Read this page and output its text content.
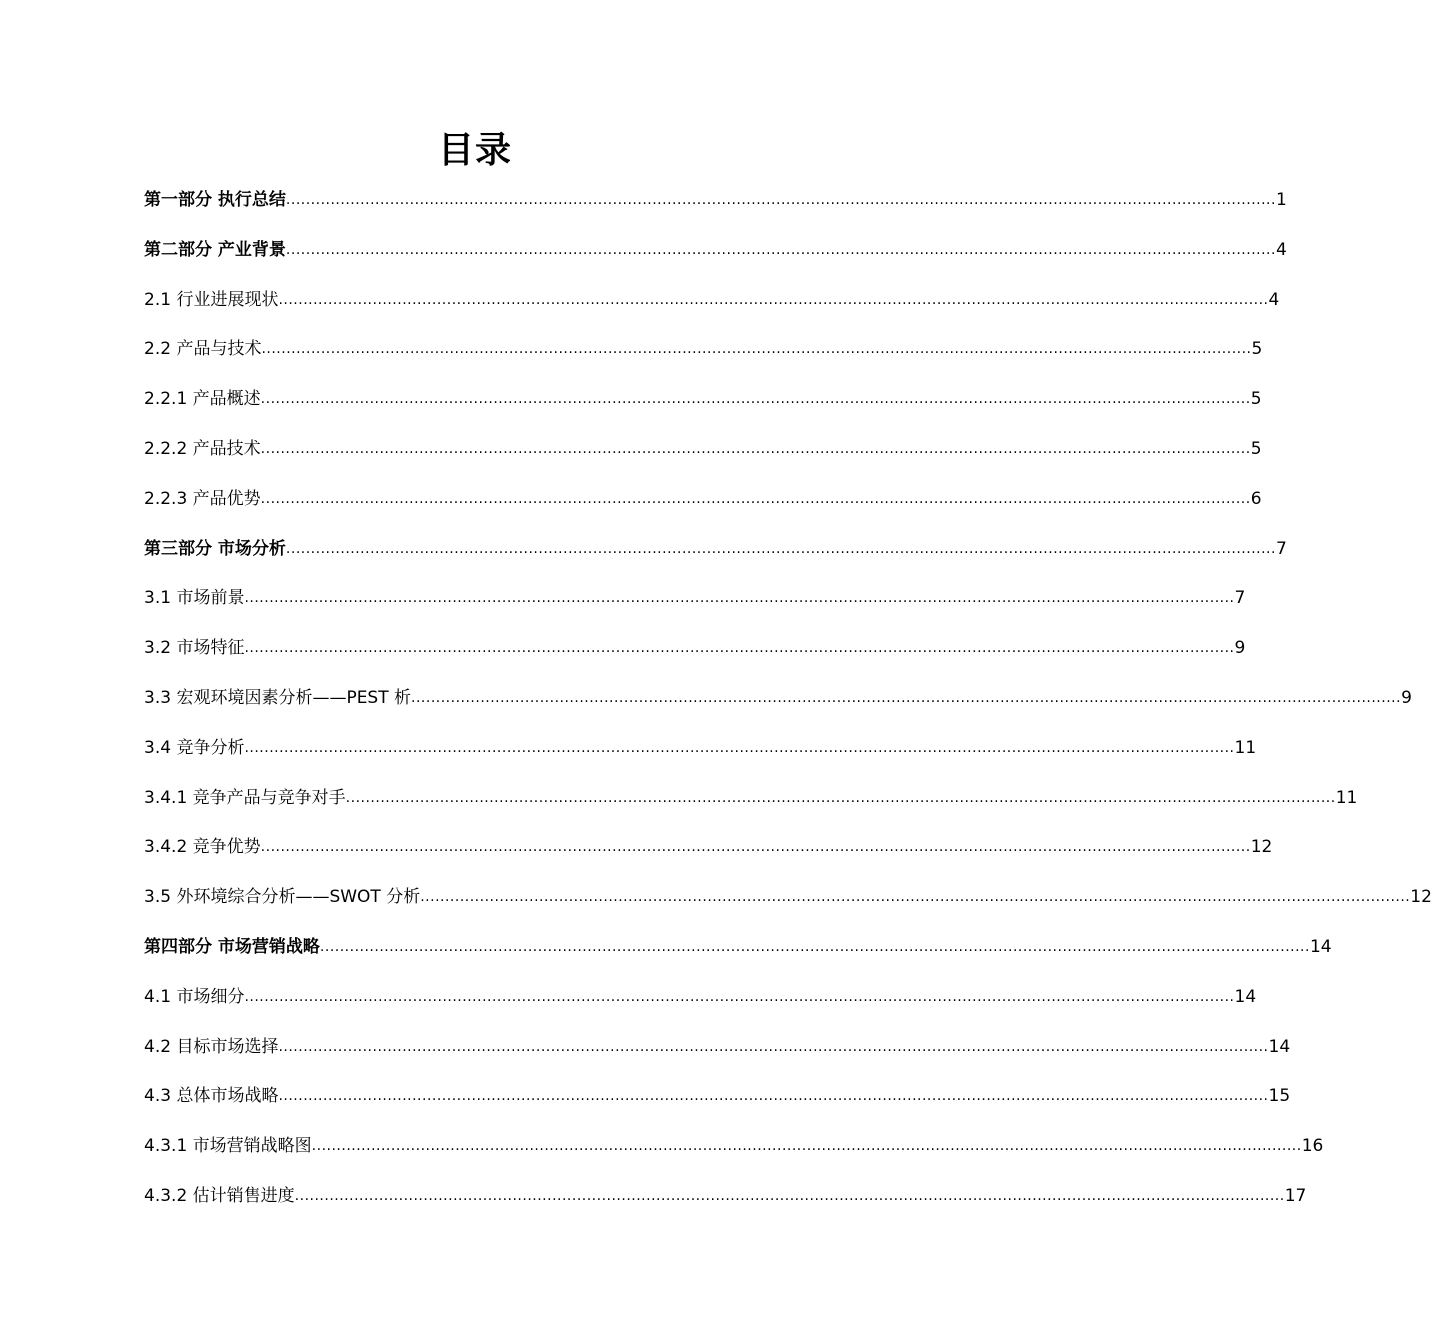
目录
第一部分 执行总结 ........................................................................................................................................................................................................ 1
第二部分 产业背景 ........................................................................................................................................................................................................ 4
2.1 行业进展现状 ........................................................................................................................................................................................................ 4
2.2 产品与技术 ........................................................................................................................................................................................................ 5
2.2.1 产品概述 ........................................................................................................................................................................................................ 5
2.2.2 产品技术 ........................................................................................................................................................................................................ 5
2.2.3 产品优势 ........................................................................................................................................................................................................ 6
第三部分 市场分析 ........................................................................................................................................................................................................ 7
3.1 市场前景 ........................................................................................................................................................................................................ 7
3.2 市场特征 ........................................................................................................................................................................................................ 9
3.3 宏观环境因素分析——PEST 析 ........................................................................................................................................................................................................ 9
3.4 竞争分析 ........................................................................................................................................................................................................ 11
3.4.1 竞争产品与竞争对手 ........................................................................................................................................................................................................ 11
3.4.2 竞争优势 ........................................................................................................................................................................................................ 12
3.5 外环境综合分析——SWOT 分析 ........................................................................................................................................................................................................ 12
第四部分 市场营销战略 ........................................................................................................................................................................................................ 14
4.1 市场细分 ........................................................................................................................................................................................................ 14
4.2 目标市场选择 ........................................................................................................................................................................................................ 14
4.3 总体市场战略 ........................................................................................................................................................................................................ 15
4.3.1 市场营销战略图 ........................................................................................................................................................................................................ 16
4.3.2 估计销售进度 ........................................................................................................................................................................................................ 17
